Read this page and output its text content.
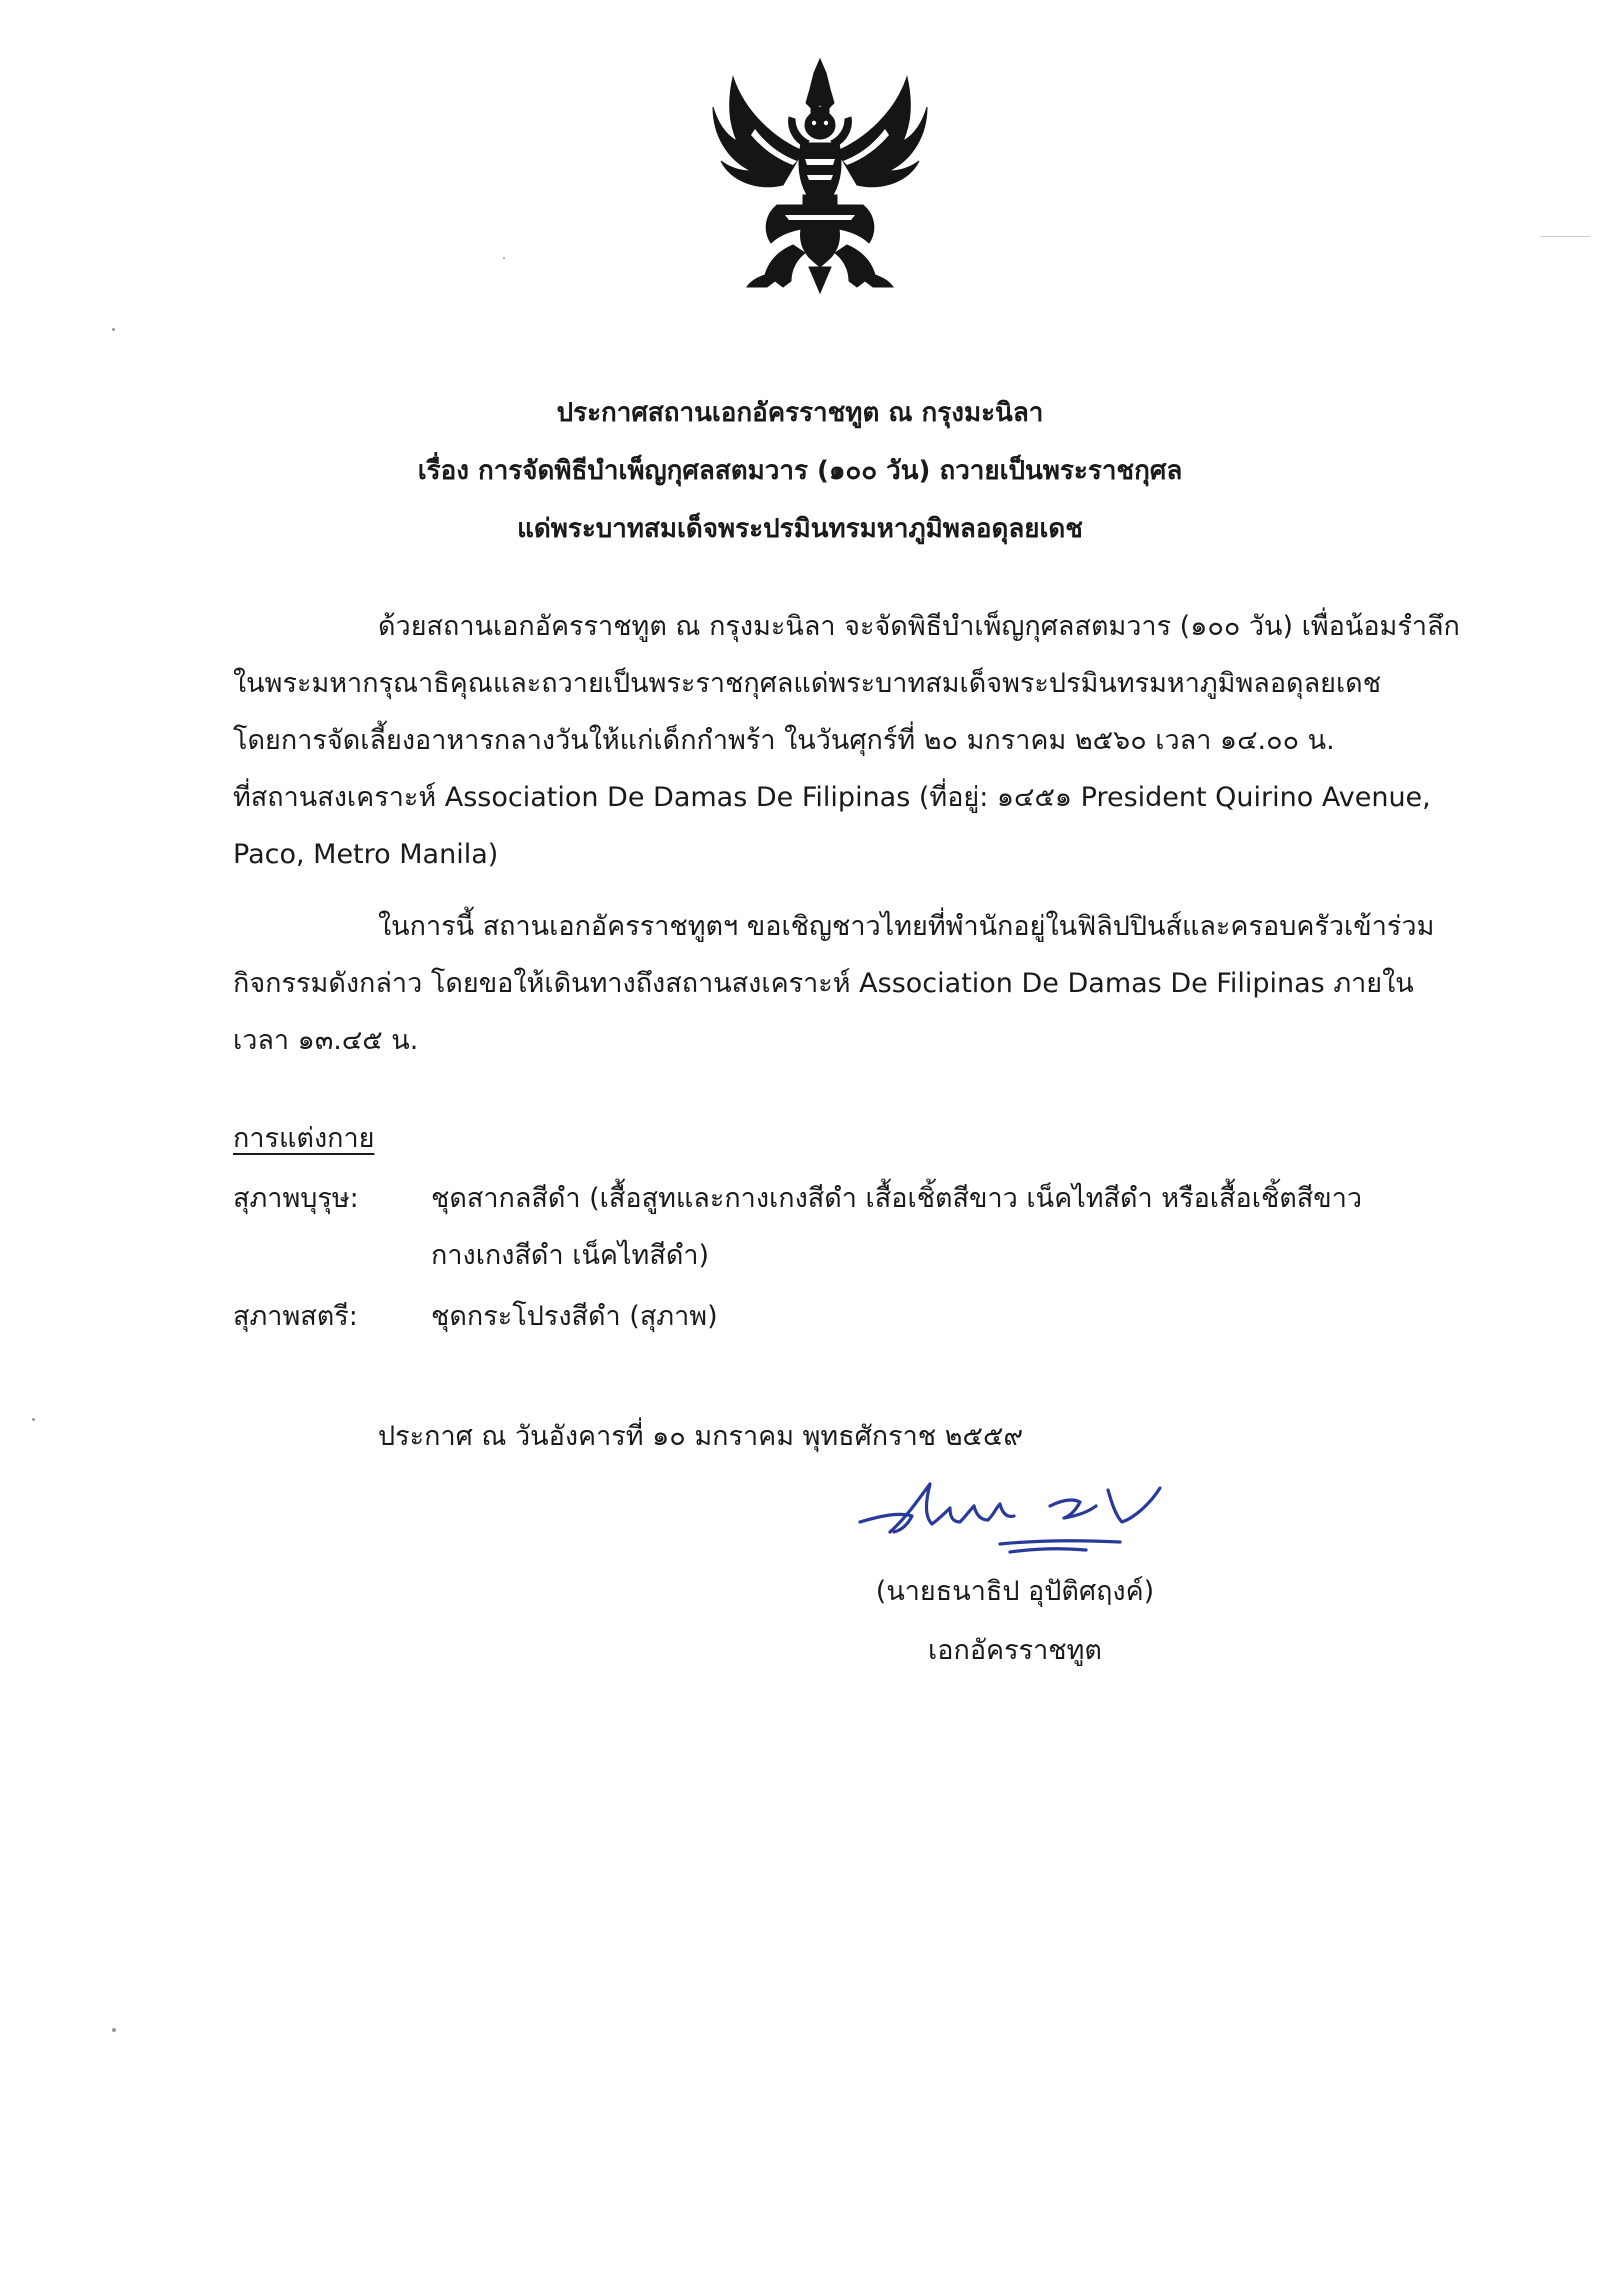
ประกาศสถานเอกอัครราชทูต ณ กรุงมะนิลา
เรื่อง การจัดพิธีบำเพ็ญกุศลสตมวาร (๑๐๐ วัน) ถวายเป็นพระราชกุศล
แด่พระบาทสมเด็จพระปรมินทรมหาภูมิพลอดุลยเดช

ด้วยสถานเอกอัครราชทูต ณ กรุงมะนิลา จะจัดพิธีบำเพ็ญกุศลสตมวาร (๑๐๐ วัน) เพื่อน้อมรำลึก
ในพระมหากรุณาธิคุณและถวายเป็นพระราชกุศลแด่พระบาทสมเด็จพระปรมินทรมหาภูมิพลอดุลยเดช
โดยการจัดเลี้ยงอาหารกลางวันให้แก่เด็กกำพร้า ในวันศุกร์ที่ ๒๐ มกราคม ๒๕๖๐ เวลา ๑๔.๐๐ น.
ที่สถานสงเคราะห์ Association De Damas De Filipinas (ที่อยู่: ๑๔๕๑ President Quirino Avenue,
Paco, Metro Manila)

ในการนี้ สถานเอกอัครราชทูตฯ ขอเชิญชาวไทยที่พำนักอยู่ในฟิลิปปินส์และครอบครัวเข้าร่วม
กิจกรรมดังกล่าว โดยขอให้เดินทางถึงสถานสงเคราะห์ Association De Damas De Filipinas ภายใน
เวลา ๑๓.๔๕ น.

การแต่งกาย
สุภาพบุรุษ:	ชุดสากลสีดำ (เสื้อสูทและกางเกงสีดำ เสื้อเชิ้ตสีขาว เน็คไทสีดำ หรือเสื้อเชิ้ตสีขาว
กางเกงสีดำ เน็คไทสีดำ)
สุภาพสตรี:	ชุดกระโปรงสีดำ (สุภาพ)
ประกาศ ณ วันอังคารที่ ๑๐ มกราคม พุทธศักราช ๒๕๕๙
(นายธนาธิป อุปัติศฤงค์)
เอกอัครราชทูต
